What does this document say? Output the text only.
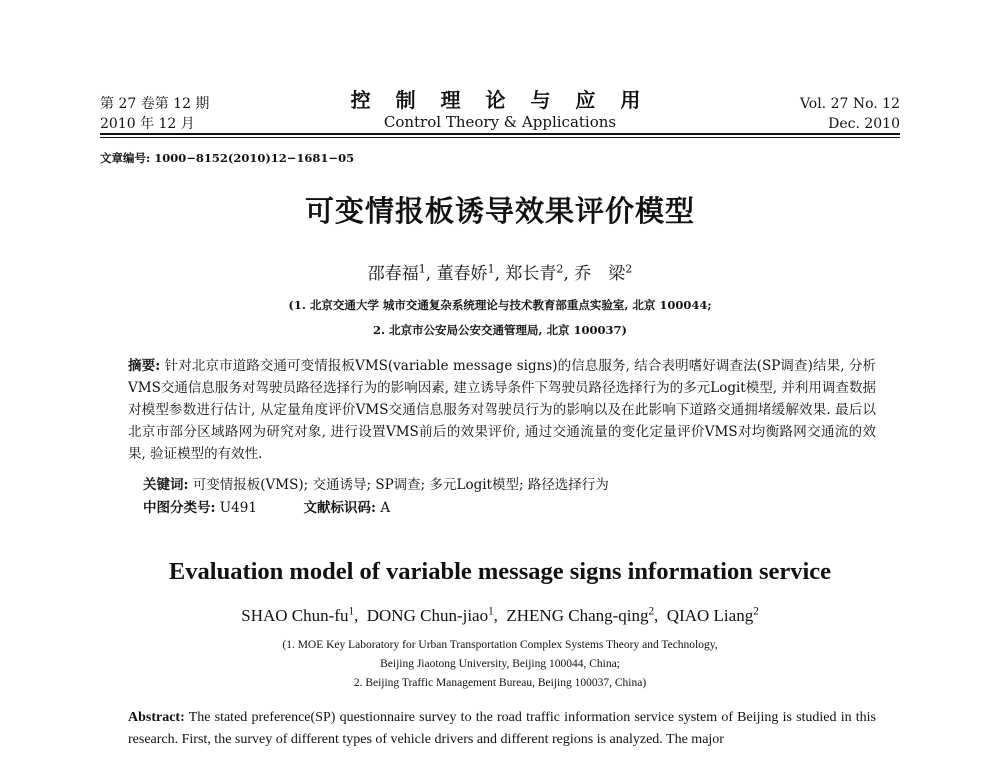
第 27 卷第 12 期
2010 年 12 月
控 制 理 论 与 应 用
Control Theory & Applications
Vol. 27 No. 12
Dec. 2010
文章编号: 1000−8152(2010)12−1681−05
可变情报板诱导效果评价模型
邵春福$^1$, 董春娇$^1$, 郑长青$^2$, 乔　梁$^2$
(1. 北京交通大学 城市交通复杂系统理论与技术教育部重点实验室, 北京 100044;
2. 北京市公安局公安交通管理局, 北京 100037)
摘要: 针对北京市道路交通可变情报板VMS(variable message signs)的信息服务, 结合表明嗜好调查法(SP调查)结果, 分析VMS交通信息服务对驾驶员路径选择行为的影响因素, 建立诱导条件下驾驶员路径选择行为的多元Logit模型, 并利用调查数据对模型参数进行估计, 从定量角度评价VMS交通信息服务对驾驶员行为的影响以及在此影响下道路交通拥堵缓解效果. 最后以北京市部分区域路网为研究对象, 进行设置VMS前后的效果评价, 通过交通流量的变化定量评价VMS对均衡路网交通流的效果, 验证模型的有效性.
关键词: 可变情报板(VMS); 交通诱导; SP调查; 多元Logit模型; 路径选择行为
中图分类号: U491	文献标识码: A
Evaluation model of variable message signs information service
SHAO Chun-$fu^1$,  DONG Chun-jiao$^1$,  ZHENG Chang-qing$^2$,  QIAO Liang$^2$
(1. MOE Key Laboratory for Urban Transportation Complex Systems Theory and Technology,
Beijing Jiaotong University, Beijing 100044, China;
2. Beijing Traffic Management Bureau, Beijing 100037, China)
Abstract: The stated preference(SP) questionnaire survey to the road traffic information service system of Beijing is studied in this research. First, the survey of different types of vehicle drivers and different regions is analyzed. The major
